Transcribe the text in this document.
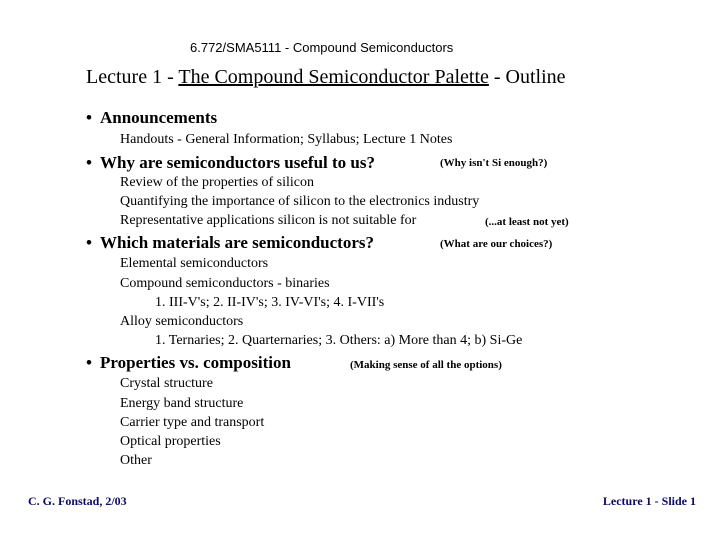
6.772/SMA5111 - Compound Semiconductors
Lecture 1 - The Compound Semiconductor Palette - Outline
• Announcements
Handouts - General Information; Syllabus; Lecture 1 Notes
• Why are semiconductors useful to us?	(Why isn't Si enough?)
Review of the properties of silicon
Quantifying the importance of silicon to the electronics industry
Representative applications silicon is not suitable for	(...at least not yet)
• Which materials are semiconductors?	(What are our choices?)
Elemental semiconductors
Compound semiconductors - binaries
1. III-V's; 2. II-IV's; 3. IV-VI's; 4. I-VII's
Alloy semiconductors
1. Ternaries; 2. Quarternaries; 3. Others: a) More than 4; b) Si-Ge
• Properties vs. composition	(Making sense of all the options)
Crystal structure
Energy band structure
Carrier type and transport
Optical properties
Other
C. G. Fonstad, 2/03	Lecture 1 - Slide 1
